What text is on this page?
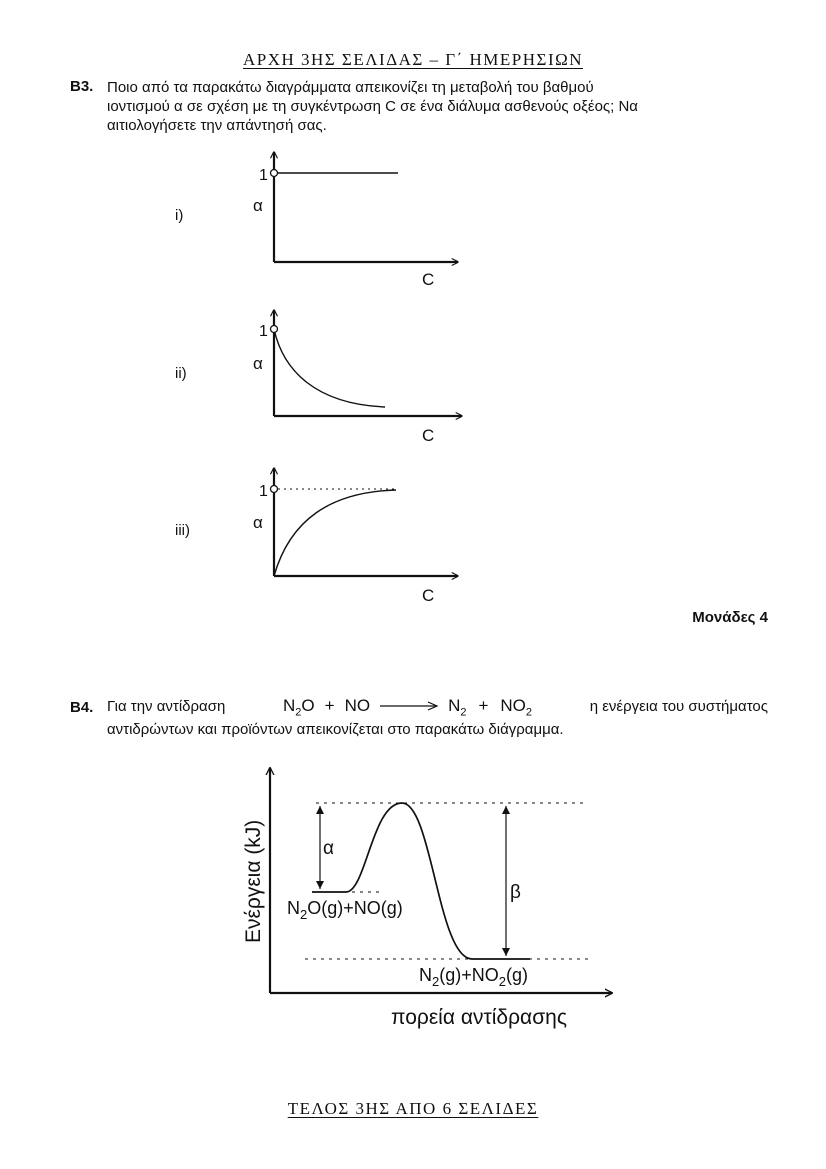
ΑΡΧΗ 3ΗΣ ΣΕΛΙΔΑΣ – Γ΄ ΗΜΕΡΗΣΙΩΝ
Β3. Ποιο από τα παρακάτω διαγράμματα απεικονίζει τη μεταβολή του βαθμού
ιοντισμού α σε σχέση με τη συγκέντρωση C σε ένα διάλυμα ασθενούς οξέος; Να
αιτιολογήσετε την απάντησή σας.
i)
ii)
iii)
1
α
C
1
α
C
1
α
C
Μονάδες 4
Β4. Για την αντίδραση	$N_2O$ + NO	$N_2 + NO_2$	η ενέργεια του συστήματος
αντιδρώντων και προϊόντων απεικονίζεται στο παρακάτω διάγραμμα.
α
β
Ενέργεια (kJ) $N_2O(g)+NO(g)$
$N_2(g)+NO_2(g)$
πορεία αντίδρασης
ΤΕΛΟΣ 3ΗΣ ΑΠΟ 6 ΣΕΛΙΔΕΣ
